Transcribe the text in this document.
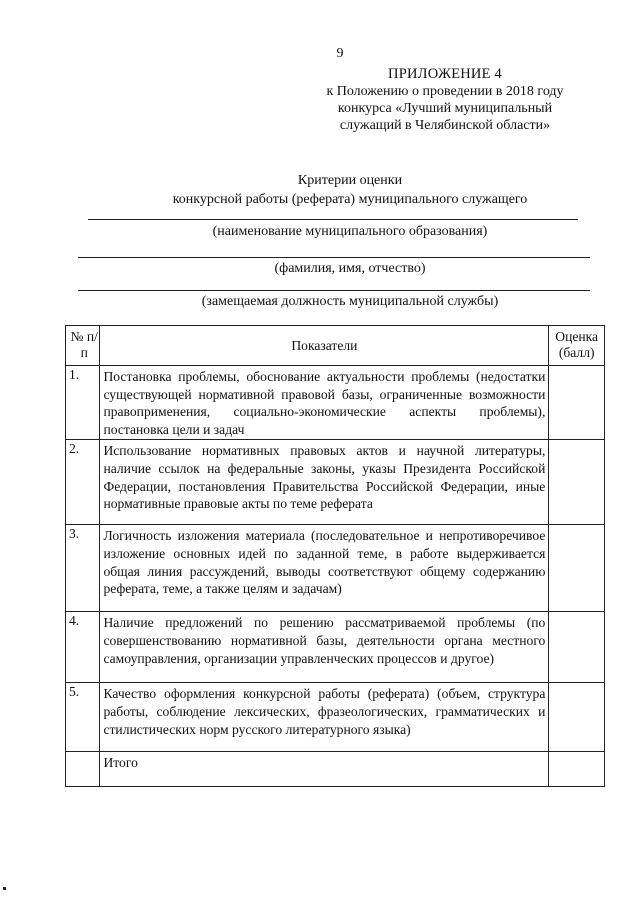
9
ПРИЛОЖЕНИЕ 4
к Положению о проведении в 2018 году
конкурса «Лучший муниципальный
служащий в Челябинской области»
Критерии оценки
конкурсной работы (реферата) муниципального служащего
(наименование муниципального образования)
(фамилия, имя, отчество)
(замещаемая должность муниципальной службы)
№ п/п	Показатели	Оценка (балл)
1.	Постановка проблемы, обоснование актуальности проблемы (недостатки существующей нормативной правовой базы, ограниченные возможности правоприменения, социально-экономические аспекты проблемы), постановка цели и задач	
2.	Использование нормативных правовых актов и научной литературы, наличие ссылок на федеральные законы, указы Президента Российской Федерации, постановления Правительства Российской Федерации, иные нормативные правовые акты по теме реферата	
3.	Логичность изложения материала (последовательное и непротиворечивое изложение основных идей по заданной теме, в работе выдерживается общая линия рассуждений, выводы соответствуют общему содержанию реферата, теме, а также целям и задачам)	
4.	Наличие предложений по решению рассматриваемой проблемы (по совершенствованию нормативной базы, деятельности органа местного самоуправления, организации управленческих процессов и другое)	
5.	Качество оформления конкурсной работы (реферата) (объем, структура работы, соблюдение лексических, фразеологических, грамматических и стилистических норм русского литературного языка)	
	Итого	
